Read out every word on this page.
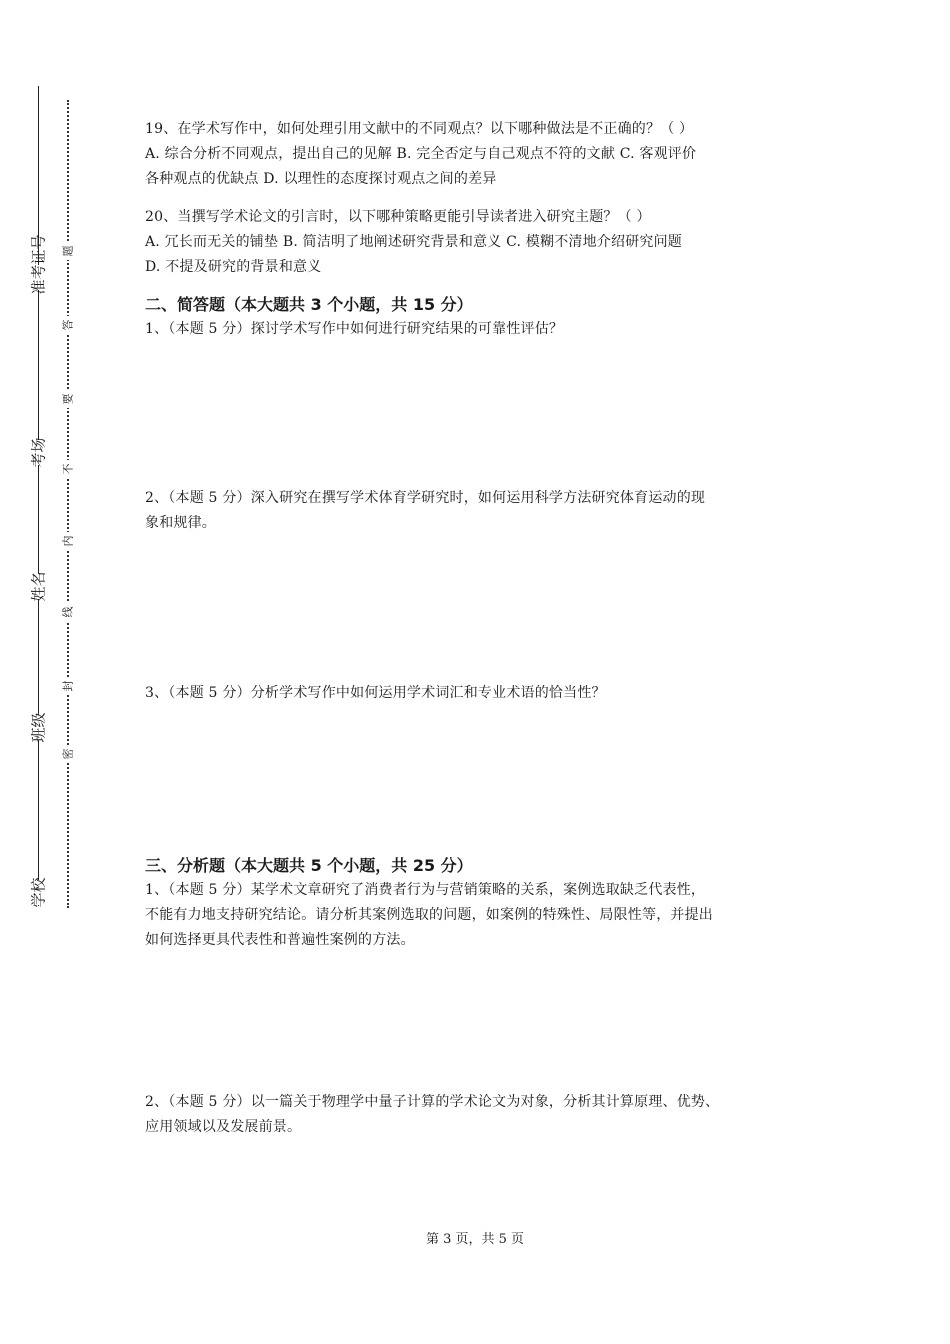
学校
班级
姓名
考场
准考证号
密
封
线
内
不
要
答
题

19、在学术写作中，如何处理引用文献中的不同观点？以下哪种做法是不正确的？（ ）

A. 综合分析不同观点，提出自己的见解 B. 完全否定与自己观点不符的文献 C. 客观评价

各种观点的优缺点 D. 以理性的态度探讨观点之间的差异

20、当撰写学术论文的引言时，以下哪种策略更能引导读者进入研究主题？（ ）

A. 冗长而无关的铺垫 B. 简洁明了地阐述研究背景和意义 C. 模糊不清地介绍研究问题

D. 不提及研究的背景和意义

二、简答题（本大题共 3 个小题，共 15 分）

1、（本题 5 分）探讨学术写作中如何进行研究结果的可靠性评估？

2、（本题 5 分）深入研究在撰写学术体育学研究时，如何运用科学方法研究体育运动的现

象和规律。

3、（本题 5 分）分析学术写作中如何运用学术词汇和专业术语的恰当性？

三、分析题（本大题共 5 个小题，共 25 分）

1、（本题 5 分）某学术文章研究了消费者行为与营销策略的关系，案例选取缺乏代表性，

不能有力地支持研究结论。请分析其案例选取的问题，如案例的特殊性、局限性等，并提出

如何选择更具代表性和普遍性案例的方法。

2、（本题 5 分）以一篇关于物理学中量子计算的学术论文为对象，分析其计算原理、优势、

应用领域以及发展前景。

第 3 页，共 5 页
